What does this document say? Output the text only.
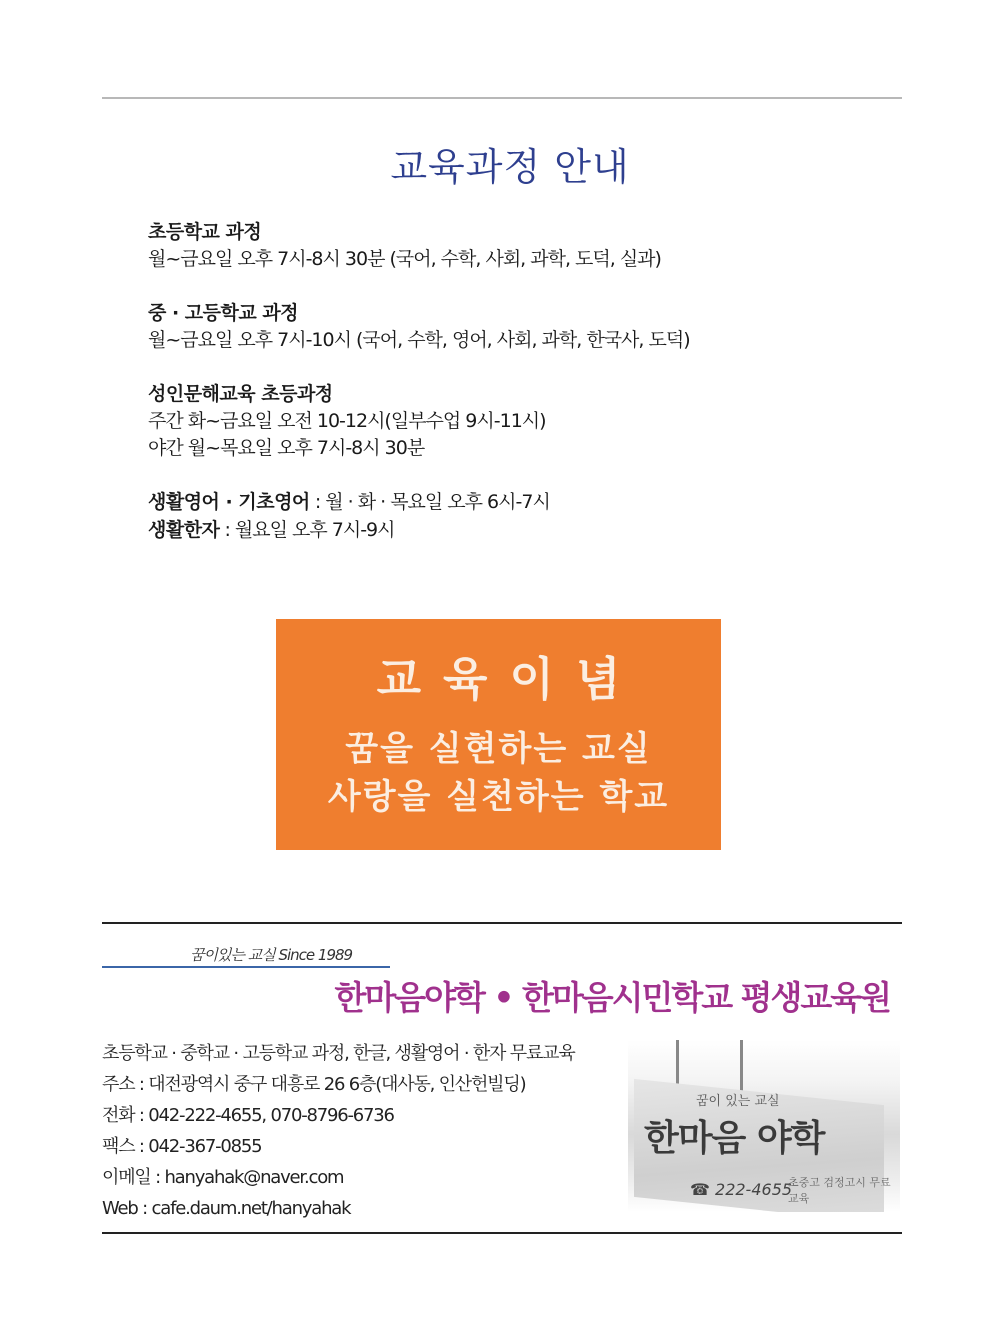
교육과정 안내
초등학교 과정
월~금요일 오후 7시-8시 30분 (국어, 수학, 사회, 과학, 도덕, 실과)
중 · 고등학교 과정
월~금요일 오후 7시-10시 (국어, 수학, 영어, 사회, 과학, 한국사, 도덕)
성인문해교육 초등과정
주간 화~금요일 오전 10-12시(일부수업 9시-11시)
야간 월~목요일 오후 7시-8시 30분
생활영어 · 기초영어 : 월 · 화 · 목요일 오후 6시-7시
생활한자 : 월요일 오후 7시-9시
교육이념
꿈을 실현하는 교실
사랑을 실천하는 학교
꿈이있는 교실 Since 1989
한마음야학 • 한마음시민학교 평생교육원
초등학교 · 중학교 · 고등학교 과정, 한글, 생활영어 · 한자 무료교육
주소 : 대전광역시 중구 대흥로 26 6층(대사동, 인산헌빌딩)
전화 : 042-222-4655, 070-8796-6736
팩스 : 042-367-0855
이메일 : hanyahak@naver.com
Web : cafe.daum.net/hanyahak
꿈이 있는 교실
한마음 야학
☎ 222-4655
초중고 검정고시 무료교육
